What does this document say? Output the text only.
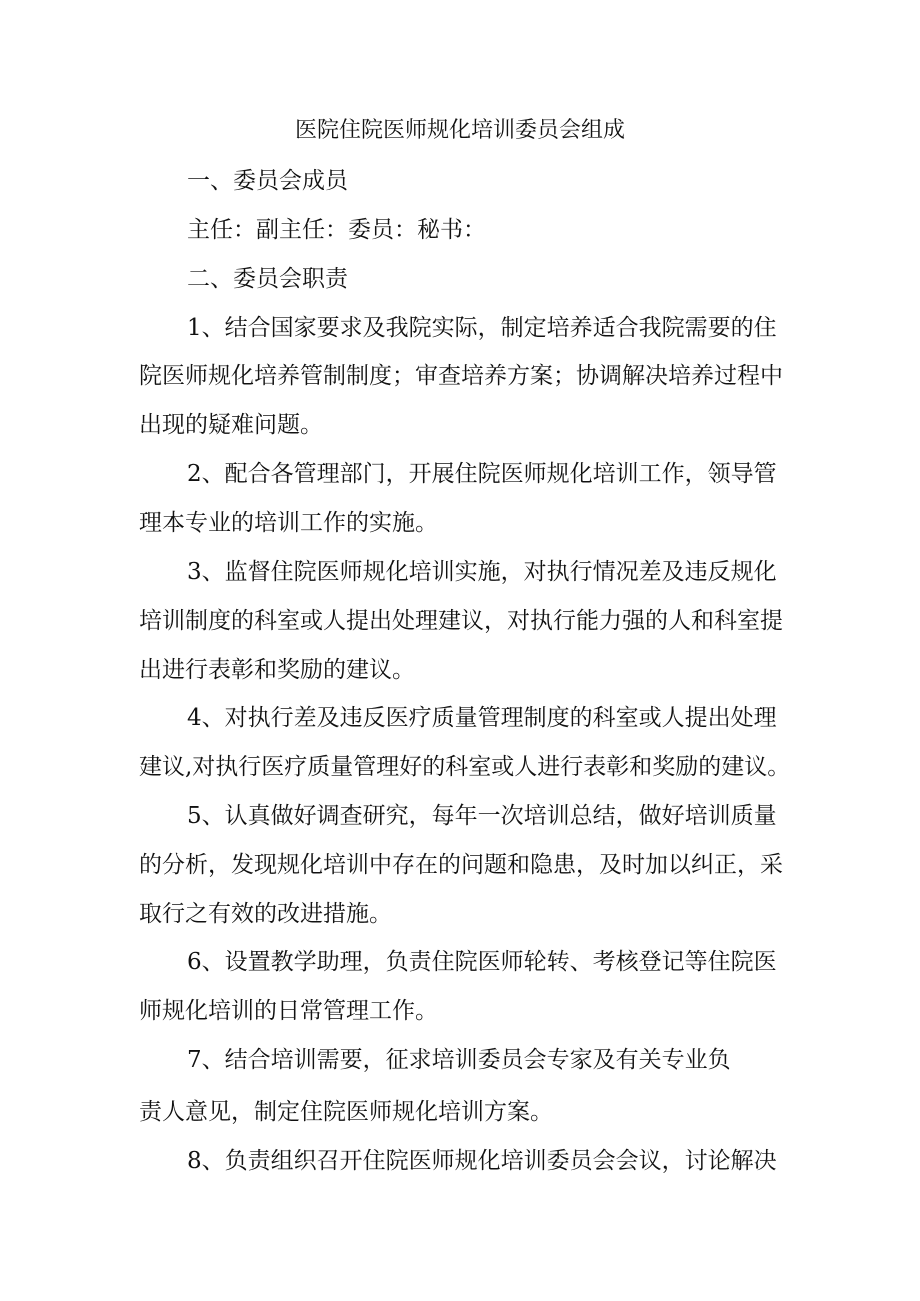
医院住院医师规化培训委员会组成
一、委员会成员
主任：副主任：委员：秘书：
二、委员会职责
1、结合国家要求及我院实际，制定培养适合我院需要的住
院医师规化培养管制制度；审查培养方案；协调解决培养过程中
出现的疑难问题。
2、配合各管理部门，开展住院医师规化培训工作，领导管
理本专业的培训工作的实施。
3、监督住院医师规化培训实施，对执行情况差及违反规化
培训制度的科室或人提出处理建议，对执行能力强的人和科室提
出进行表彰和奖励的建议。
4、对执行差及违反医疗质量管理制度的科室或人提出处理
建议,对执行医疗质量管理好的科室或人进行表彰和奖励的建议。
5、认真做好调查研究，每年一次培训总结，做好培训质量
的分析，发现规化培训中存在的问题和隐患，及时加以纠正，采
取行之有效的改进措施。
6、设置教学助理，负责住院医师轮转、考核登记等住院医
师规化培训的日常管理工作。
7、结合培训需要，征求培训委员会专家及有关专业负
责人意见，制定住院医师规化培训方案。
8、负责组织召开住院医师规化培训委员会会议，讨论解决
